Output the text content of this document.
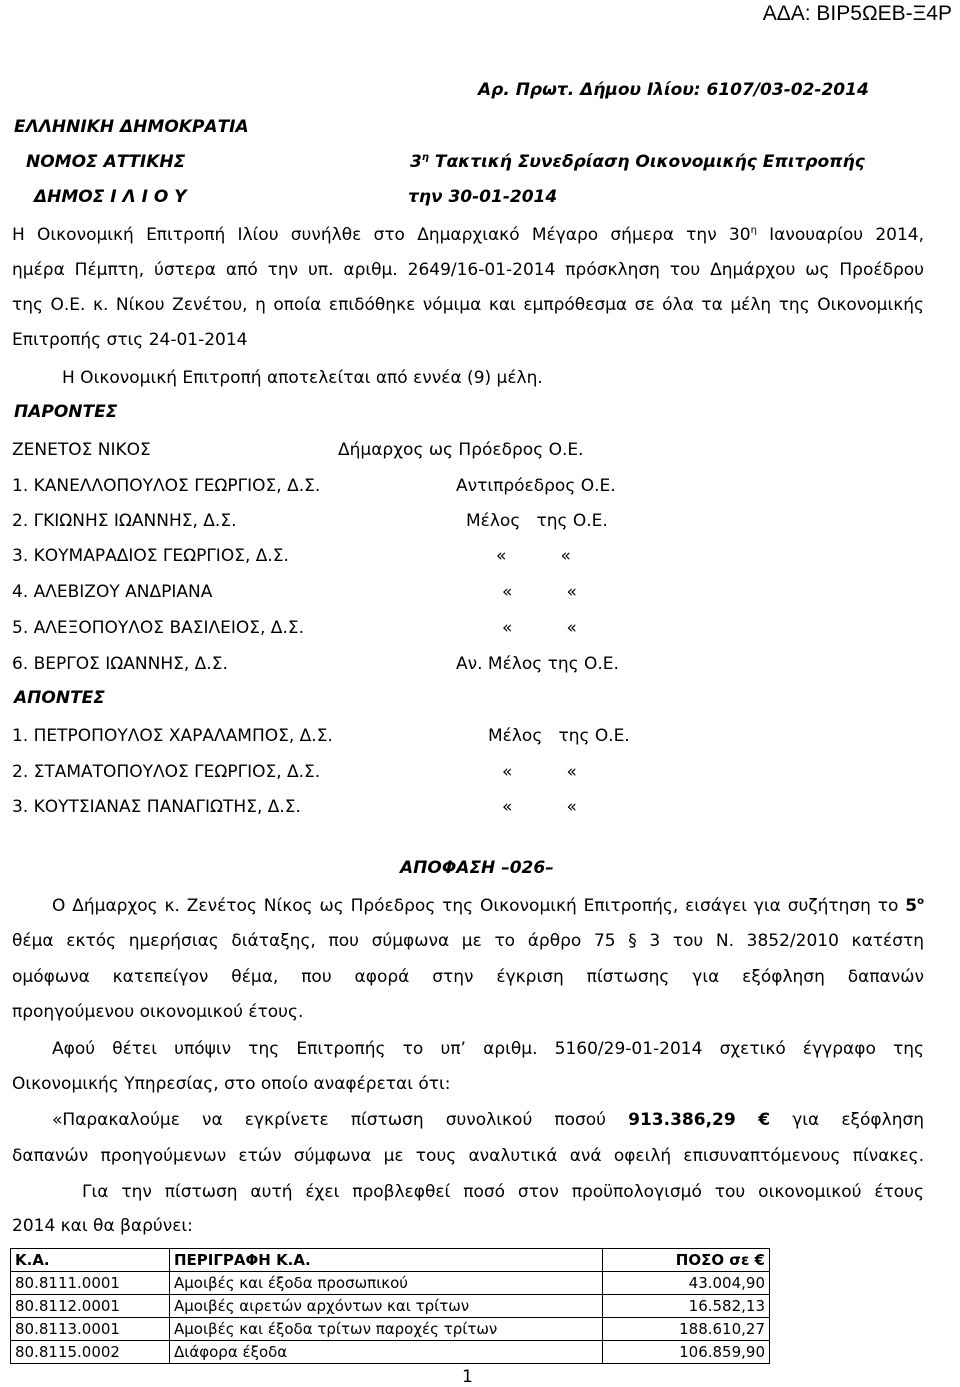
ΑΔΑ: ΒΙΡ5ΩΕΒ-Ξ4Ρ
Αρ. Πρωτ. Δήμου Ιλίου: 6107/03-02-2014
ΕΛΛΗΝΙΚΗ ΔΗΜΟΚΡΑΤΙΑ
ΝΟΜΟΣ ΑΤΤΙΚΗΣ	$3^\eta$ Τακτική Συνεδρίαση Οικονομικής Επιτροπής
ΔΗΜΟΣ Ι Λ Ι Ο Υ	την 30-01-2014
Η Οικονομική Επιτροπή Ιλίου συνήλθε στο Δημαρχιακό Μέγαρο σήμερα την $30^\eta$ Ιανουαρίου 2014,
ημέρα Πέμπτη, ύστερα από την υπ. αριθμ. 2649/16-01-2014 πρόσκληση του Δημάρχου ως Προέδρου
της Ο.Ε. κ. Νίκου Ζενέτου, η οποία επιδόθηκε νόμιμα και εμπρόθεσμα σε όλα τα μέλη της Οικονομικής
Επιτροπής στις 24-01-2014
Η Οικονομική Επιτροπή αποτελείται από εννέα (9) μέλη.
ΠΑΡΟΝΤΕΣ
ΖΕΝΕΤΟΣ ΝΙΚΟΣ	Δήμαρχος ως Πρόεδρος Ο.Ε.
1. ΚΑΝΕΛΛΟΠΟΥΛΟΣ ΓΕΩΡΓΙΟΣ, Δ.Σ.	Αντιπρόεδρος Ο.Ε.
2. ΓΚΙΩΝΗΣ ΙΩΑΝΝΗΣ, Δ.Σ.	Μέλος   της Ο.Ε.
3. ΚΟΥΜΑΡΑΔΙΟΣ ΓΕΩΡΓΙΟΣ, Δ.Σ.	«          «
4. ΑΛΕΒΙΖΟΥ ΑΝΔΡΙΑΝΑ	«          «
5. ΑΛΕΞΟΠΟΥΛΟΣ ΒΑΣΙΛΕΙΟΣ, Δ.Σ.	«          «
6. ΒΕΡΓΟΣ ΙΩΑΝΝΗΣ, Δ.Σ.	Αν. Μέλος της Ο.Ε.
ΑΠΟΝΤΕΣ
1. ΠΕΤΡΟΠΟΥΛΟΣ ΧΑΡΑΛΑΜΠΟΣ, Δ.Σ.	Μέλος   της Ο.Ε.
2. ΣΤΑΜΑΤΟΠΟΥΛΟΣ ΓΕΩΡΓΙΟΣ, Δ.Σ.	«          «
3. ΚΟΥΤΣΙΑΝΑΣ ΠΑΝΑΓΙΩΤΗΣ, Δ.Σ.	«          «
ΑΠΟΦΑΣΗ –026–
Ο Δήμαρχος κ. Ζενέτος Νίκος ως Πρόεδρος της Οικονομική Επιτροπής, εισάγει για συζήτηση το $5^o$
θέμα εκτός ημερήσιας διάταξης, που σύμφωνα με το άρθρο 75 § 3 του Ν. 3852/2010 κατέστη
ομόφωνα κατεπείγον θέμα, που αφορά στην έγκριση πίστωσης για εξόφληση δαπανών
προηγούμενου οικονομικού έτους.
Αφού θέτει υπόψιν της Επιτροπής το υπ’ αριθμ. 5160/29-01-2014 σχετικό έγγραφο της
Οικονομικής Υπηρεσίας, στο οποίο αναφέρεται ότι:
«Παρακαλούμε να εγκρίνετε πίστωση συνολικού ποσού 913.386,29 € για εξόφληση
δαπανών προηγούμενων ετών σύμφωνα με τους αναλυτικά ανά οφειλή επισυναπτόμενους πίνακες.
Για την πίστωση αυτή έχει προβλεφθεί ποσό στον προϋπολογισμό του οικονομικού έτους
2014 και θα βαρύνει:
Κ.Α.	ΠΕΡΙΓΡΑΦΗ Κ.Α.	ΠΟΣΟ σε €
80.8111.0001	Αμοιβές και έξοδα προσωπικού	43.004,90
80.8112.0001	Αμοιβές αιρετών αρχόντων και τρίτων	16.582,13
80.8113.0001	Αμοιβές και έξοδα τρίτων παροχές τρίτων	188.610,27
80.8115.0002	Διάφορα έξοδα	106.859,90
1
